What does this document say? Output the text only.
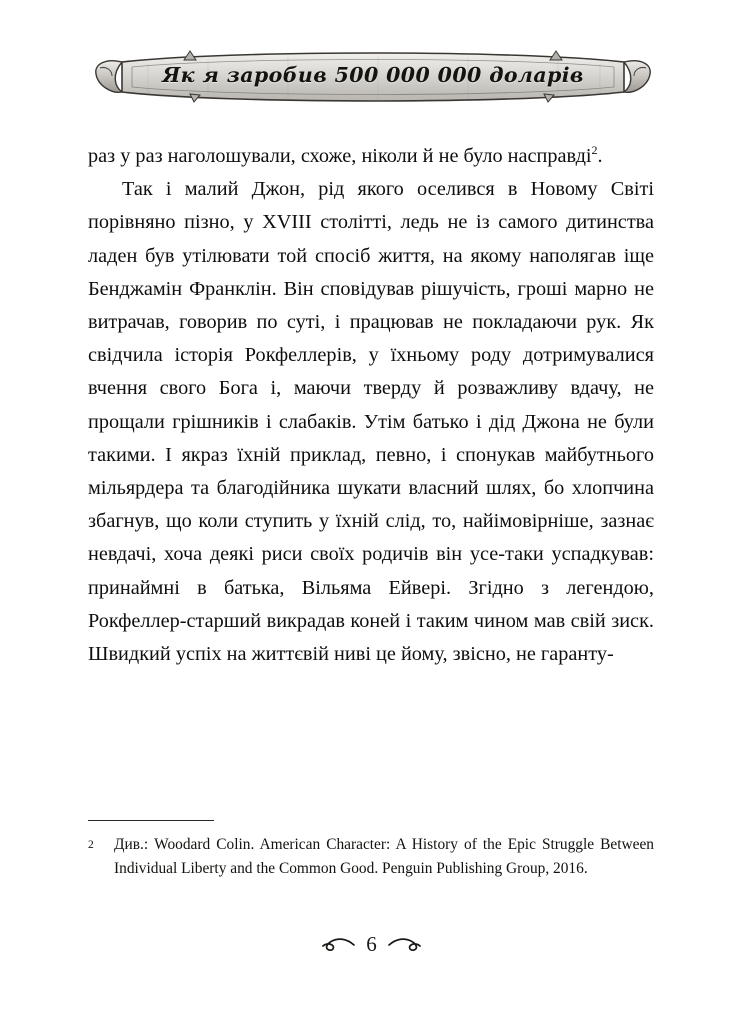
Як я заробив 500 000 000 доларів

раз у раз наголошували, схоже, ніколи й не було насправді$^2$.

Так і малий Джон, рід якого оселився в Новому Світі порівняно пізно, у XVIII столітті, ледь не із самого дитинства ладен був утілювати той спосіб життя, на якому наполягав іще Бенджамін Франклін. Він сповідував рішучість, гроші марно не витрачав, говорив по суті, і працював не покладаючи рук. Як свідчила історія Рокфеллерів, у їхньому роду дотримувалися вчення свого Бога і, маючи тверду й розважливу вдачу, не прощали грішників і слабаків. Утім батько і дід Джона не були такими. І якраз їхній приклад, певно, і спонукав майбутнього мільярдера та благодійника шукати власний шлях, бо хлопчина збагнув, що коли ступить у їхній слід, то, найімовірніше, зазнає невдачі, хоча деякі риси своїх родичів він усе-таки успадкував: принаймні в батька, Вільяма Ейвері. Згідно з легендою, Рокфеллер-старший викрадав коней і таким чином мав свій зиск. Швидкий успіх на життєвій ниві це йому, звісно, не гаранту-

2 Див.: Woodard Colin. American Character: A History of the Epic Struggle Between Individual Liberty and the Common Good. Penguin Publishing Group, 2016.
6
